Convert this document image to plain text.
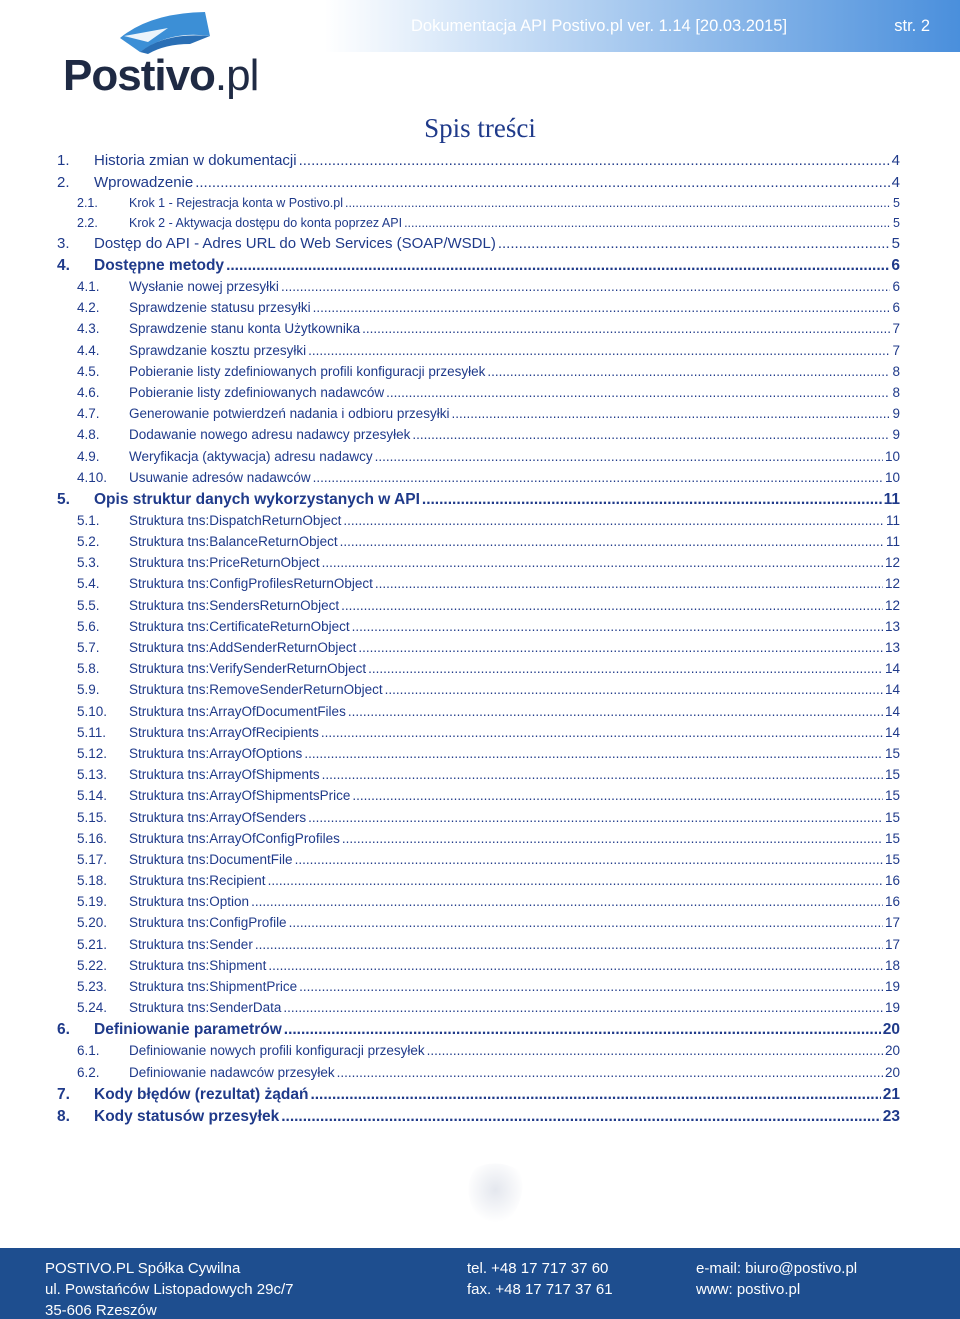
Dokumentacja API Postivo.pl ver. 1.14 [20.03.2015]	str. 2
Postivo.pl
Spis treści
1.	Historia zmian w dokumentacji .....	4
2.	Wprowadzenie .....	4
2.1.	Krok 1 - Rejestracja konta w Postivo.pl .....	5
2.2.	Krok 2 - Aktywacja dostępu do konta poprzez API .....	5
3.	Dostęp do API - Adres URL do Web Services (SOAP/WSDL) .....	5
4.	Dostępne metody .....	6
4.1.	Wysłanie nowej przesyłki .....	6
4.2.	Sprawdzenie statusu przesyłki .....	6
4.3.	Sprawdzenie stanu konta Użytkownika .....	7
4.4.	Sprawdzanie kosztu przesyłki .....	7
4.5.	Pobieranie listy zdefiniowanych profili konfiguracji przesyłek .....	8
4.6.	Pobieranie listy zdefiniowanych nadawców .....	8
4.7.	Generowanie potwierdzeń nadania i odbioru przesyłki .....	9
4.8.	Dodawanie nowego adresu nadawcy przesyłek .....	9
4.9.	Weryfikacja (aktywacja) adresu nadawcy .....	10
4.10.	Usuwanie adresów nadawców .....	10
5.	Opis struktur danych wykorzystanych w API .....	11
5.1.	Struktura tns:DispatchReturnObject .....	11
5.2.	Struktura tns:BalanceReturnObject .....	11
5.3.	Struktura tns:PriceReturnObject .....	12
5.4.	Struktura tns:ConfigProfilesReturnObject .....	12
5.5.	Struktura tns:SendersReturnObject .....	12
5.6.	Struktura tns:CertificateReturnObject .....	13
5.7.	Struktura tns:AddSenderReturnObject .....	13
5.8.	Struktura tns:VerifySenderReturnObject .....	14
5.9.	Struktura tns:RemoveSenderReturnObject .....	14
5.10.	Struktura tns:ArrayOfDocumentFiles .....	14
5.11.	Struktura tns:ArrayOfRecipients .....	14
5.12.	Struktura tns:ArrayOfOptions .....	15
5.13.	Struktura tns:ArrayOfShipments .....	15
5.14.	Struktura tns:ArrayOfShipmentsPrice .....	15
5.15.	Struktura tns:ArrayOfSenders .....	15
5.16.	Struktura tns:ArrayOfConfigProfiles .....	15
5.17.	Struktura tns:DocumentFile .....	15
5.18.	Struktura tns:Recipient .....	16
5.19.	Struktura tns:Option .....	16
5.20.	Struktura tns:ConfigProfile .....	17
5.21.	Struktura tns:Sender .....	17
5.22.	Struktura tns:Shipment .....	18
5.23.	Struktura tns:ShipmentPrice .....	19
5.24.	Struktura tns:SenderData .....	19
6.	Definiowanie parametrów .....	20
6.1.	Definiowanie nowych profili konfiguracji przesyłek .....	20
6.2.	Definiowanie nadawców przesyłek .....	20
7.	Kody błędów (rezultat) żądań .....	21
8.	Kody statusów przesyłek .....	23
POSTIVO.PL Spółka Cywilna
ul. Powstańców Listopadowych 29c/7
35-606 Rzeszów
tel. +48 17 717 37 60
fax. +48 17 717 37 61
e-mail: biuro@postivo.pl
www: postivo.pl
